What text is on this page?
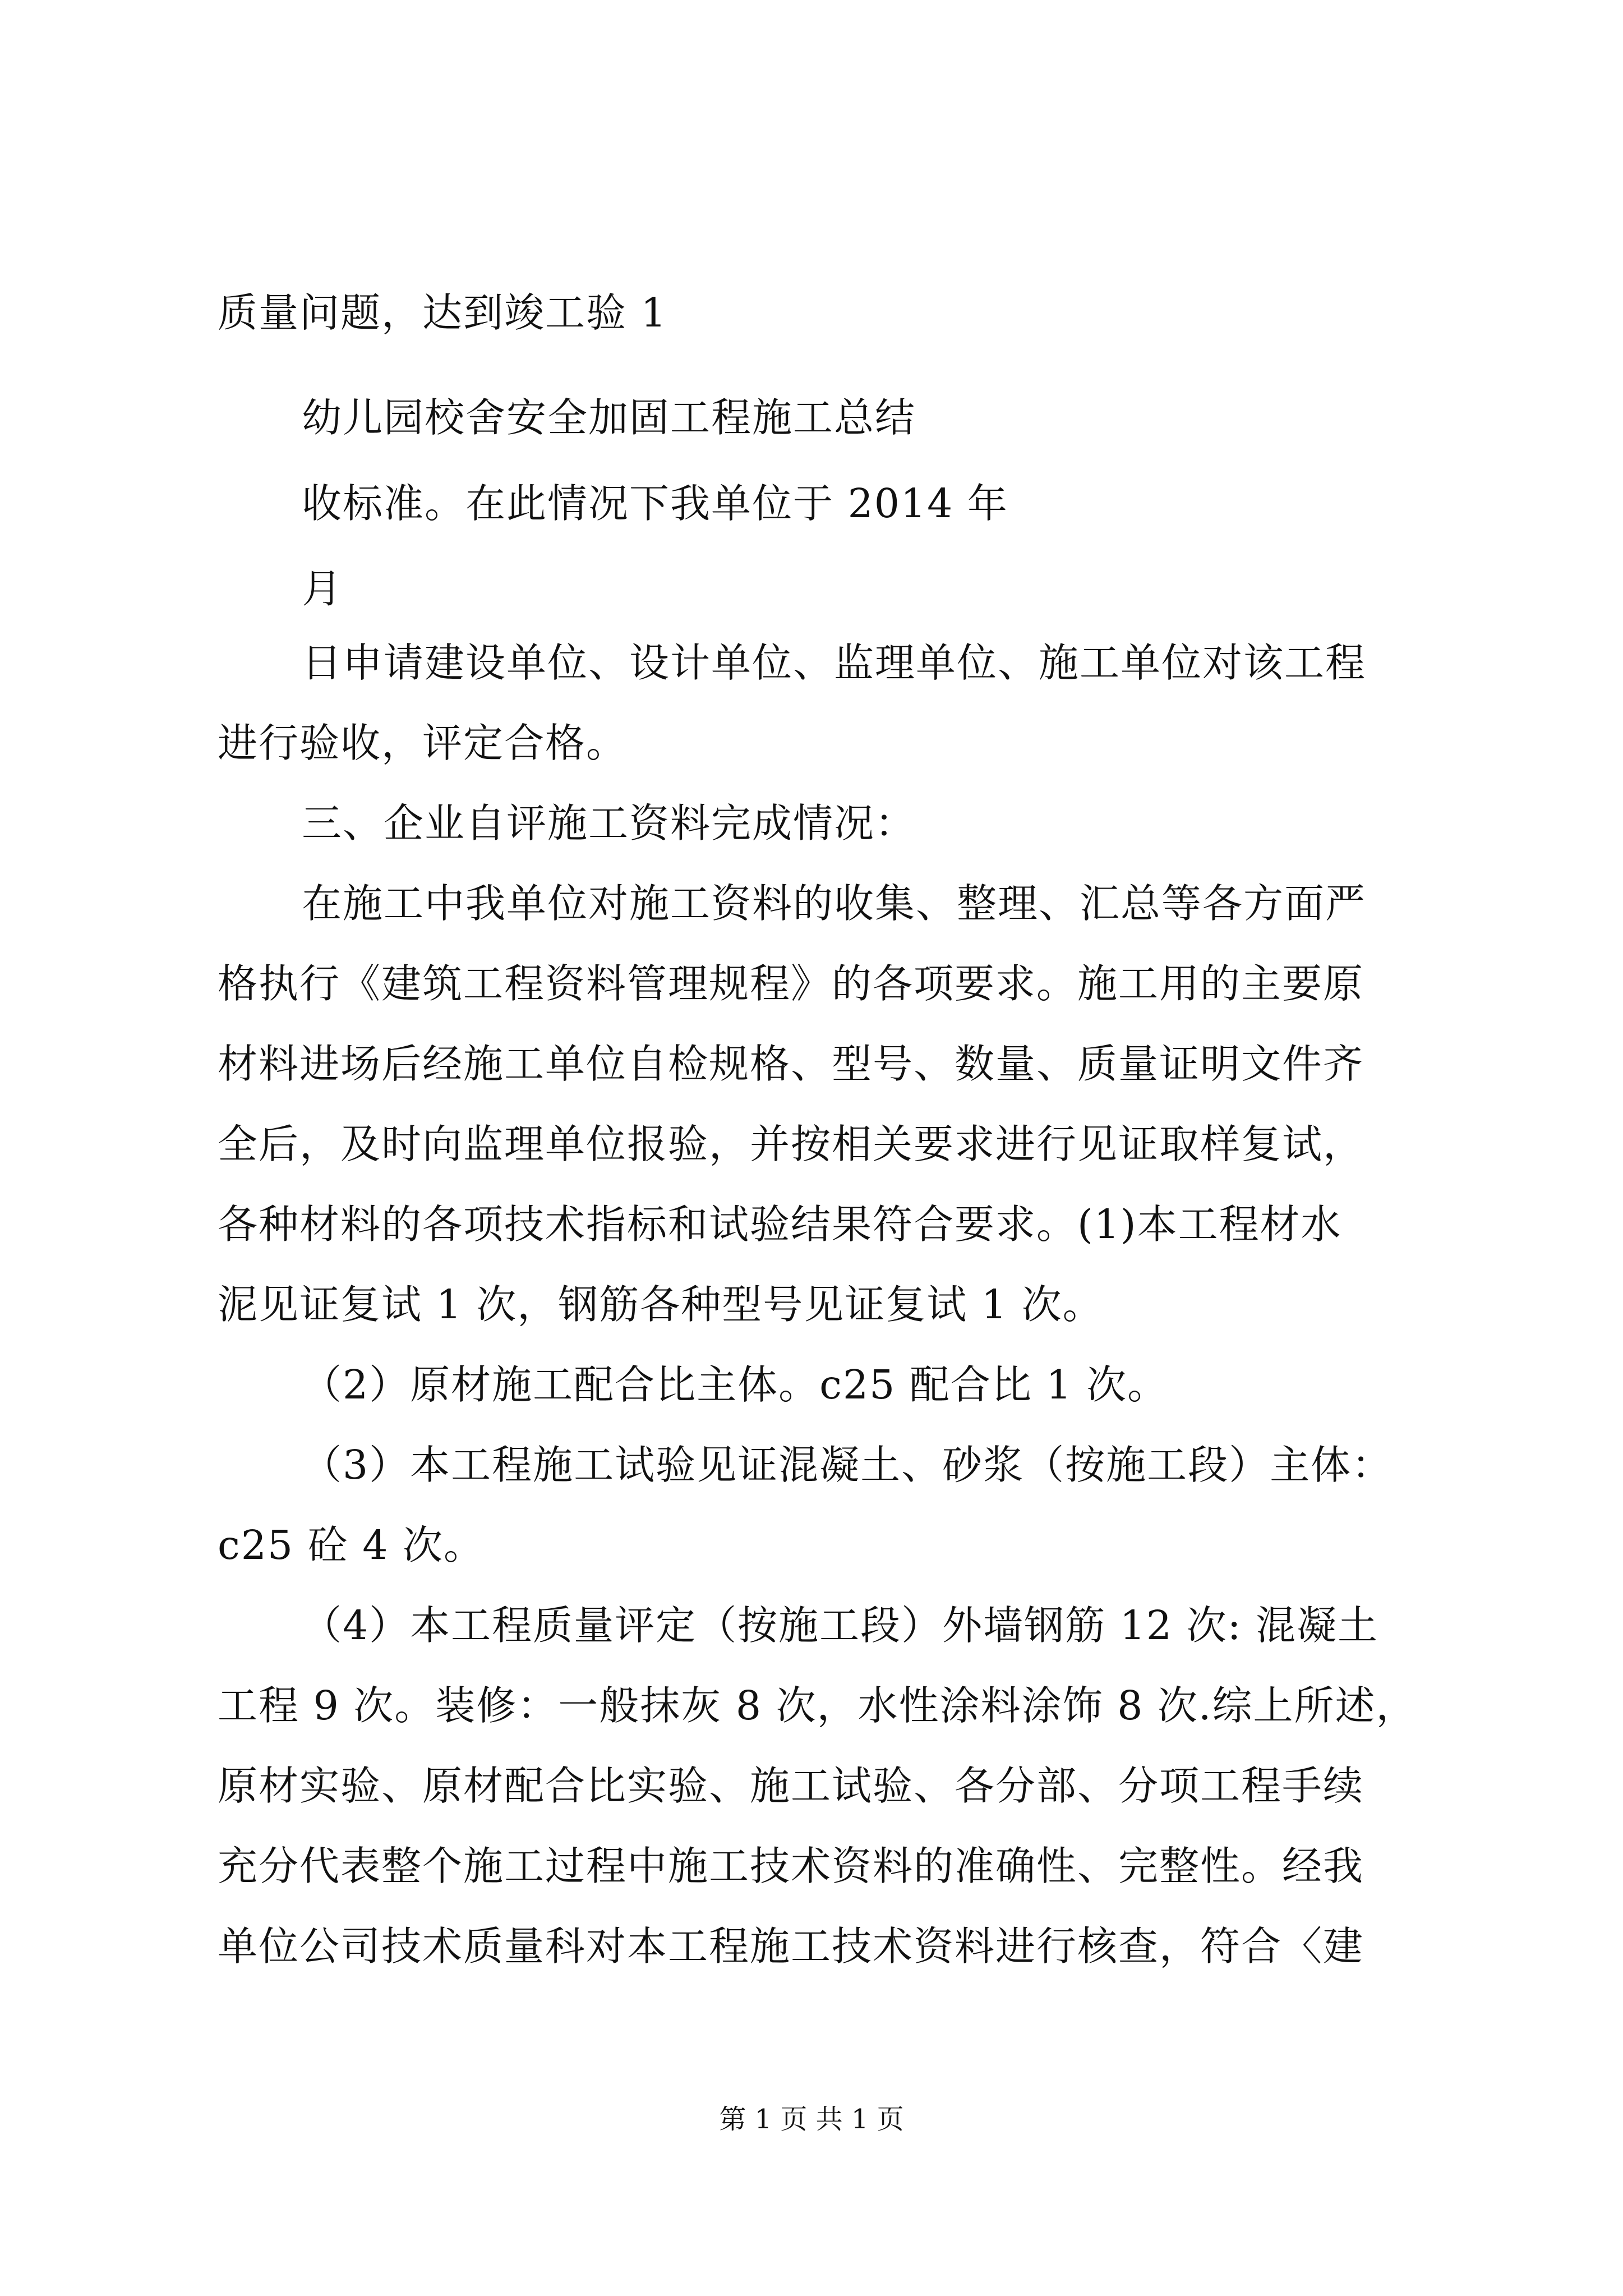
质量问题，达到竣工验 1
幼儿园校舍安全加固工程施工总结
收标准。在此情况下我单位于 2014 年
月
日申请建设单位、设计单位、监理单位、施工单位对该工程
进行验收，评定合格。
三、企业自评施工资料完成情况：
在施工中我单位对施工资料的收集、整理、汇总等各方面严
格执行《建筑工程资料管理规程》的各项要求。施工用的主要原
材料进场后经施工单位自检规格、型号、数量、质量证明文件齐
全后，及时向监理单位报验，并按相关要求进行见证取样复试，
各种材料的各项技术指标和试验结果符合要求。(1)本工程材水
泥见证复试 1 次，钢筋各种型号见证复试 1 次。
（2）原材施工配合比主体。c25 配合比 1 次。
（3）本工程施工试验见证混凝土、砂浆（按施工段）主体：
c25 砼 4 次。
（4）本工程质量评定（按施工段）外墙钢筋 12 次: 混凝土
工程 9 次。装修：一般抹灰 8 次，水性涂料涂饰 8 次.综上所述，
原材实验、原材配合比实验、施工试验、各分部、分项工程手续
充分代表整个施工过程中施工技术资料的准确性、完整性。经我
单位公司技术质量科对本工程施工技术资料进行核查，符合〈建
第 1 页 共 1 页
